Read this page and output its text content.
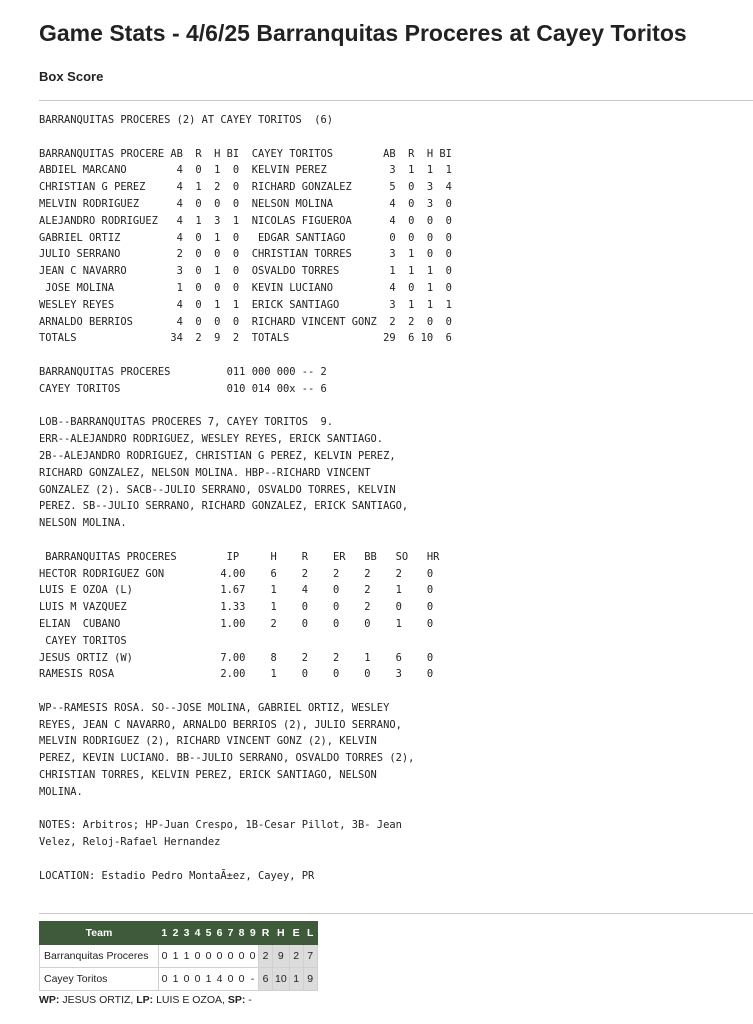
Game Stats - 4/6/25 Barranquitas Proceres at Cayey Toritos
Box Score
BARRANQUITAS PROCERES (2) AT CAYEY TORITOS  (6)
BARRANQUITAS PROCERE AB  R  H BI  CAYEY TORITOS        AB  R  H BI
ABDIEL MARCANO        4  0  1  0  KELVIN PEREZ          3  1  1  1
CHRISTIAN G PEREZ     4  1  2  0  RICHARD GONZALEZ      5  0  3  4
MELVIN RODRIGUEZ      4  0  0  0  NELSON MOLINA         4  0  3  0
ALEJANDRO RODRIGUEZ   4  1  3  1  NICOLAS FIGUEROA      4  0  0  0
GABRIEL ORTIZ         4  0  1  0   EDGAR SANTIAGO       0  0  0  0
JULIO SERRANO         2  0  0  0  CHRISTIAN TORRES      3  1  0  0
JEAN C NAVARRO        3  0  1  0  OSVALDO TORRES        1  1  1  0
JOSE MOLINA          1  0  0  0  KEVIN LUCIANO         4  0  1  0
WESLEY REYES          4  0  1  1  ERICK SANTIAGO        3  1  1  1
ARNALDO BERRIOS       4  0  0  0  RICHARD VINCENT GONZ  2  2  0  0
TOTALS               34  2  9  2  TOTALS               29  6 10  6
BARRANQUITAS PROCERES         011 000 000 -- 2
CAYEY TORITOS                 010 014 00x -- 6
LOB--BARRANQUITAS PROCERES 7, CAYEY TORITOS  9.
ERR--ALEJANDRO RODRIGUEZ, WESLEY REYES, ERICK SANTIAGO.
2B--ALEJANDRO RODRIGUEZ, CHRISTIAN G PEREZ, KELVIN PEREZ,
RICHARD GONZALEZ, NELSON MOLINA. HBP--RICHARD VINCENT
GONZALEZ (2). SACB--JULIO SERRANO, OSVALDO TORRES, KELVIN
PEREZ. SB--JULIO SERRANO, RICHARD GONZALEZ, ERICK SANTIAGO,
NELSON MOLINA.
BARRANQUITAS PROCERES        IP     H    R    ER   BB   SO   HR
HECTOR RODRIGUEZ GON         4.00    6    2    2    2    2    0
LUIS E OZOA (L)              1.67    1    4    0    2    1    0
LUIS M VAZQUEZ               1.33    1    0    0    2    0    0
ELIAN  CUBANO                1.00    2    0    0    0    1    0
CAYEY TORITOS
JESUS ORTIZ (W)              7.00    8    2    2    1    6    0
RAMESIS ROSA                 2.00    1    0    0    0    3    0
WP--RAMESIS ROSA. SO--JOSE MOLINA, GABRIEL ORTIZ, WESLEY
REYES, JEAN C NAVARRO, ARNALDO BERRIOS (2), JULIO SERRANO,
MELVIN RODRIGUEZ (2), RICHARD VINCENT GONZ (2), KELVIN
PEREZ, KEVIN LUCIANO. BB--JULIO SERRANO, OSVALDO TORRES (2),
CHRISTIAN TORRES, KELVIN PEREZ, ERICK SANTIAGO, NELSON
MOLINA.
NOTES: Arbitros; HP-Juan Crespo, 1B-Cesar Pillot, 3B- Jean
Velez, Reloj-Rafael Hernandez
LOCATION: Estadio Pedro MontaÃ±ez, Cayey, PR
Team	1	2	3	4	5	6	7	8	9	R	H	E	L
Barranquitas Proceres	0	1	1	0	0	0	0	0	0	2	9	2	7
Cayey Toritos	0	1	0	0	1	4	0	0	-	6	10	1	9
WP: JESUS ORTIZ, LP: LUIS E OZOA, SP: -
